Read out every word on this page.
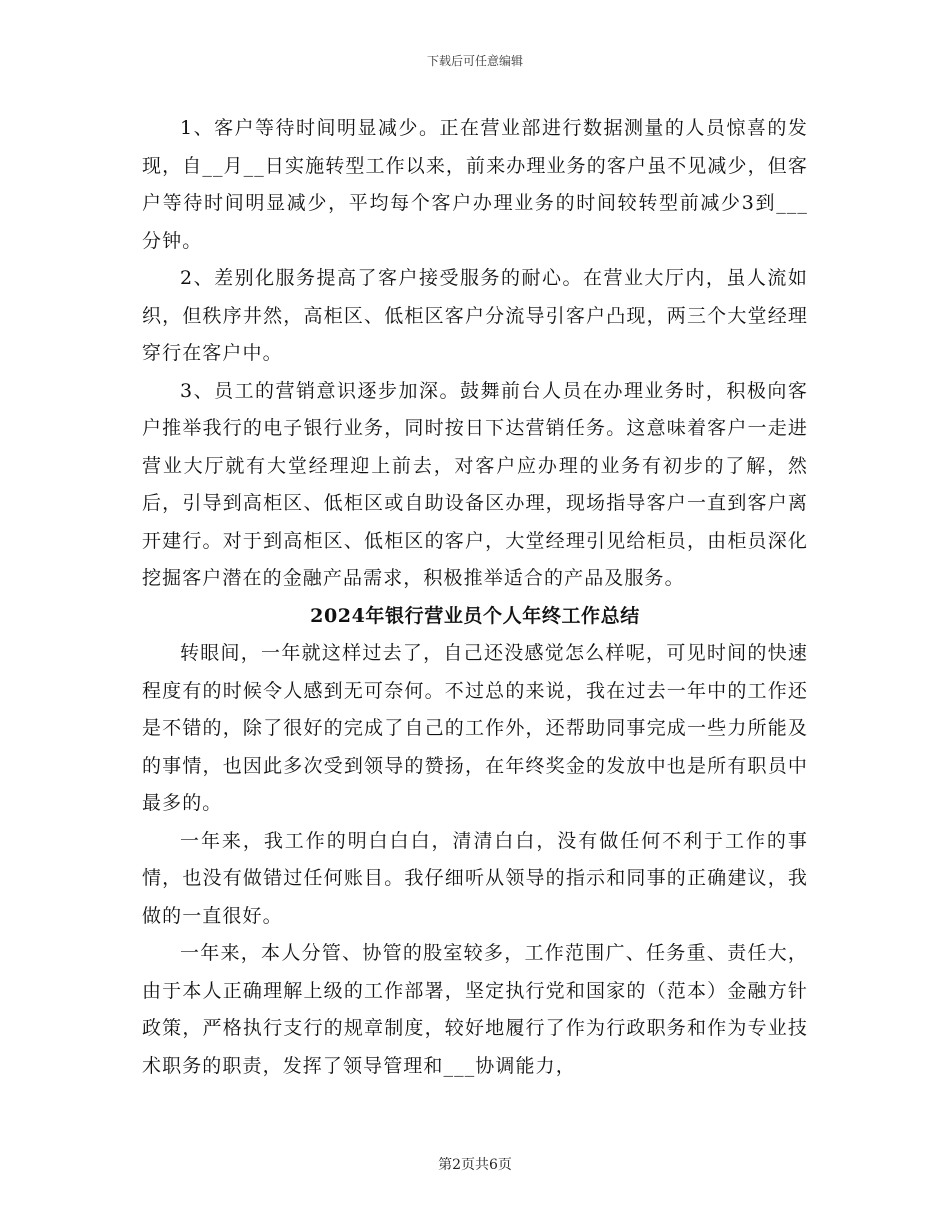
下载后可任意编辑

1、客户等待时间明显减少。正在营业部进行数据测量的人员惊喜的发现，自__月__日实施转型工作以来，前来办理业务的客户虽不见减少，但客户等待时间明显减少，平均每个客户办理业务的时间较转型前减少3到___分钟。

2、差别化服务提高了客户接受服务的耐心。在营业大厅内，虽人流如织，但秩序井然，高柜区、低柜区客户分流导引客户凸现，两三个大堂经理穿行在客户中。

3、员工的营销意识逐步加深。鼓舞前台人员在办理业务时，积极向客户推举我行的电子银行业务，同时按日下达营销任务。这意味着客户一走进营业大厅就有大堂经理迎上前去，对客户应办理的业务有初步的了解，然后，引导到高柜区、低柜区或自助设备区办理，现场指导客户一直到客户离开建行。对于到高柜区、低柜区的客户，大堂经理引见给柜员，由柜员深化挖掘客户潜在的金融产品需求，积极推举适合的产品及服务。

2024年银行营业员个人年终工作总结

转眼间，一年就这样过去了，自己还没感觉怎么样呢，可见时间的快速程度有的时候令人感到无可奈何。不过总的来说，我在过去一年中的工作还是不错的，除了很好的完成了自己的工作外，还帮助同事完成一些力所能及的事情，也因此多次受到领导的赞扬，在年终奖金的发放中也是所有职员中最多的。

一年来，我工作的明白白白，清清白白，没有做任何不利于工作的事情，也没有做错过任何账目。我仔细听从领导的指示和同事的正确建议，我做的一直很好。

一年来，本人分管、协管的股室较多，工作范围广、任务重、责任大，由于本人正确理解上级的工作部署，坚定执行党和国家的（范本）金融方针政策，严格执行支行的规章制度，较好地履行了作为行政职务和作为专业技术职务的职责，发挥了领导管理和___协调能力，

第2页共6页
